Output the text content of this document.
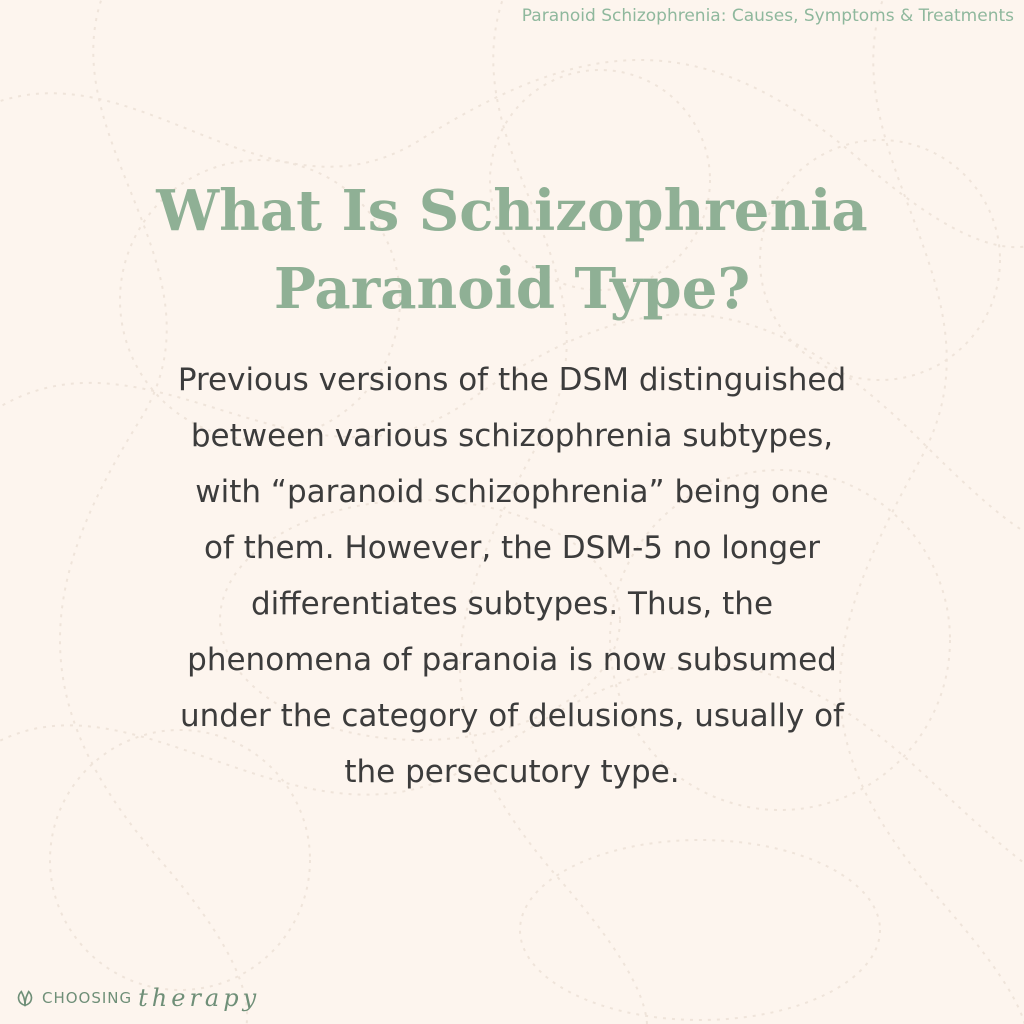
Paranoid Schizophrenia: Causes, Symptoms & Treatments
What Is Schizophrenia
Paranoid Type?
Previous versions of the DSM distinguished
between various schizophrenia subtypes,
with “paranoid schizophrenia” being one
of them. However, the DSM-5 no longer
differentiates subtypes. Thus, the
phenomena of paranoia is now subsumed
under the category of delusions, usually of
the persecutory type.
CHOOSING therapy
